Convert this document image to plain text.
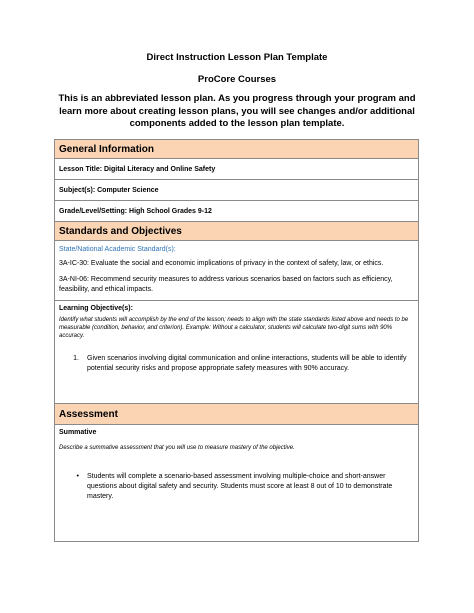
Direct Instruction Lesson Plan Template
ProCore Courses
This is an abbreviated lesson plan. As you progress through your program and learn more about creating lesson plans, you will see changes and/or additional components added to the lesson plan template.
General Information
Lesson Title: Digital Literacy and Online Safety
Subject(s): Computer Science
Grade/Level/Setting: High School Grades 9-12
Standards and Objectives

State/National Academic Standard(s):
3A-IC-30: Evaluate the social and economic implications of privacy in the context of safety, law, or ethics.
3A-NI-06: Recommend security measures to address various scenarios based on factors such as efficiency, feasibility, and ethical impacts.

Learning Objective(s):
Identify what students will accomplish by the end of the lesson; needs to align with the state standards listed above and needs to be measurable (condition, behavior, and criterion). Example: Without a calculator, students will calculate two-digit sums with 90% accuracy.
1.	Given scenarios involving digital communication and online interactions, students will be able to identify potential security risks and propose appropriate safety measures with 90% accuracy.

Assessment

Summative
Describe a summative assessment that you will use to measure mastery of the objective.
•	Students will complete a scenario-based assessment involving multiple-choice and short-answer questions about digital safety and security. Students must score at least 8 out of 10 to demonstrate mastery.
